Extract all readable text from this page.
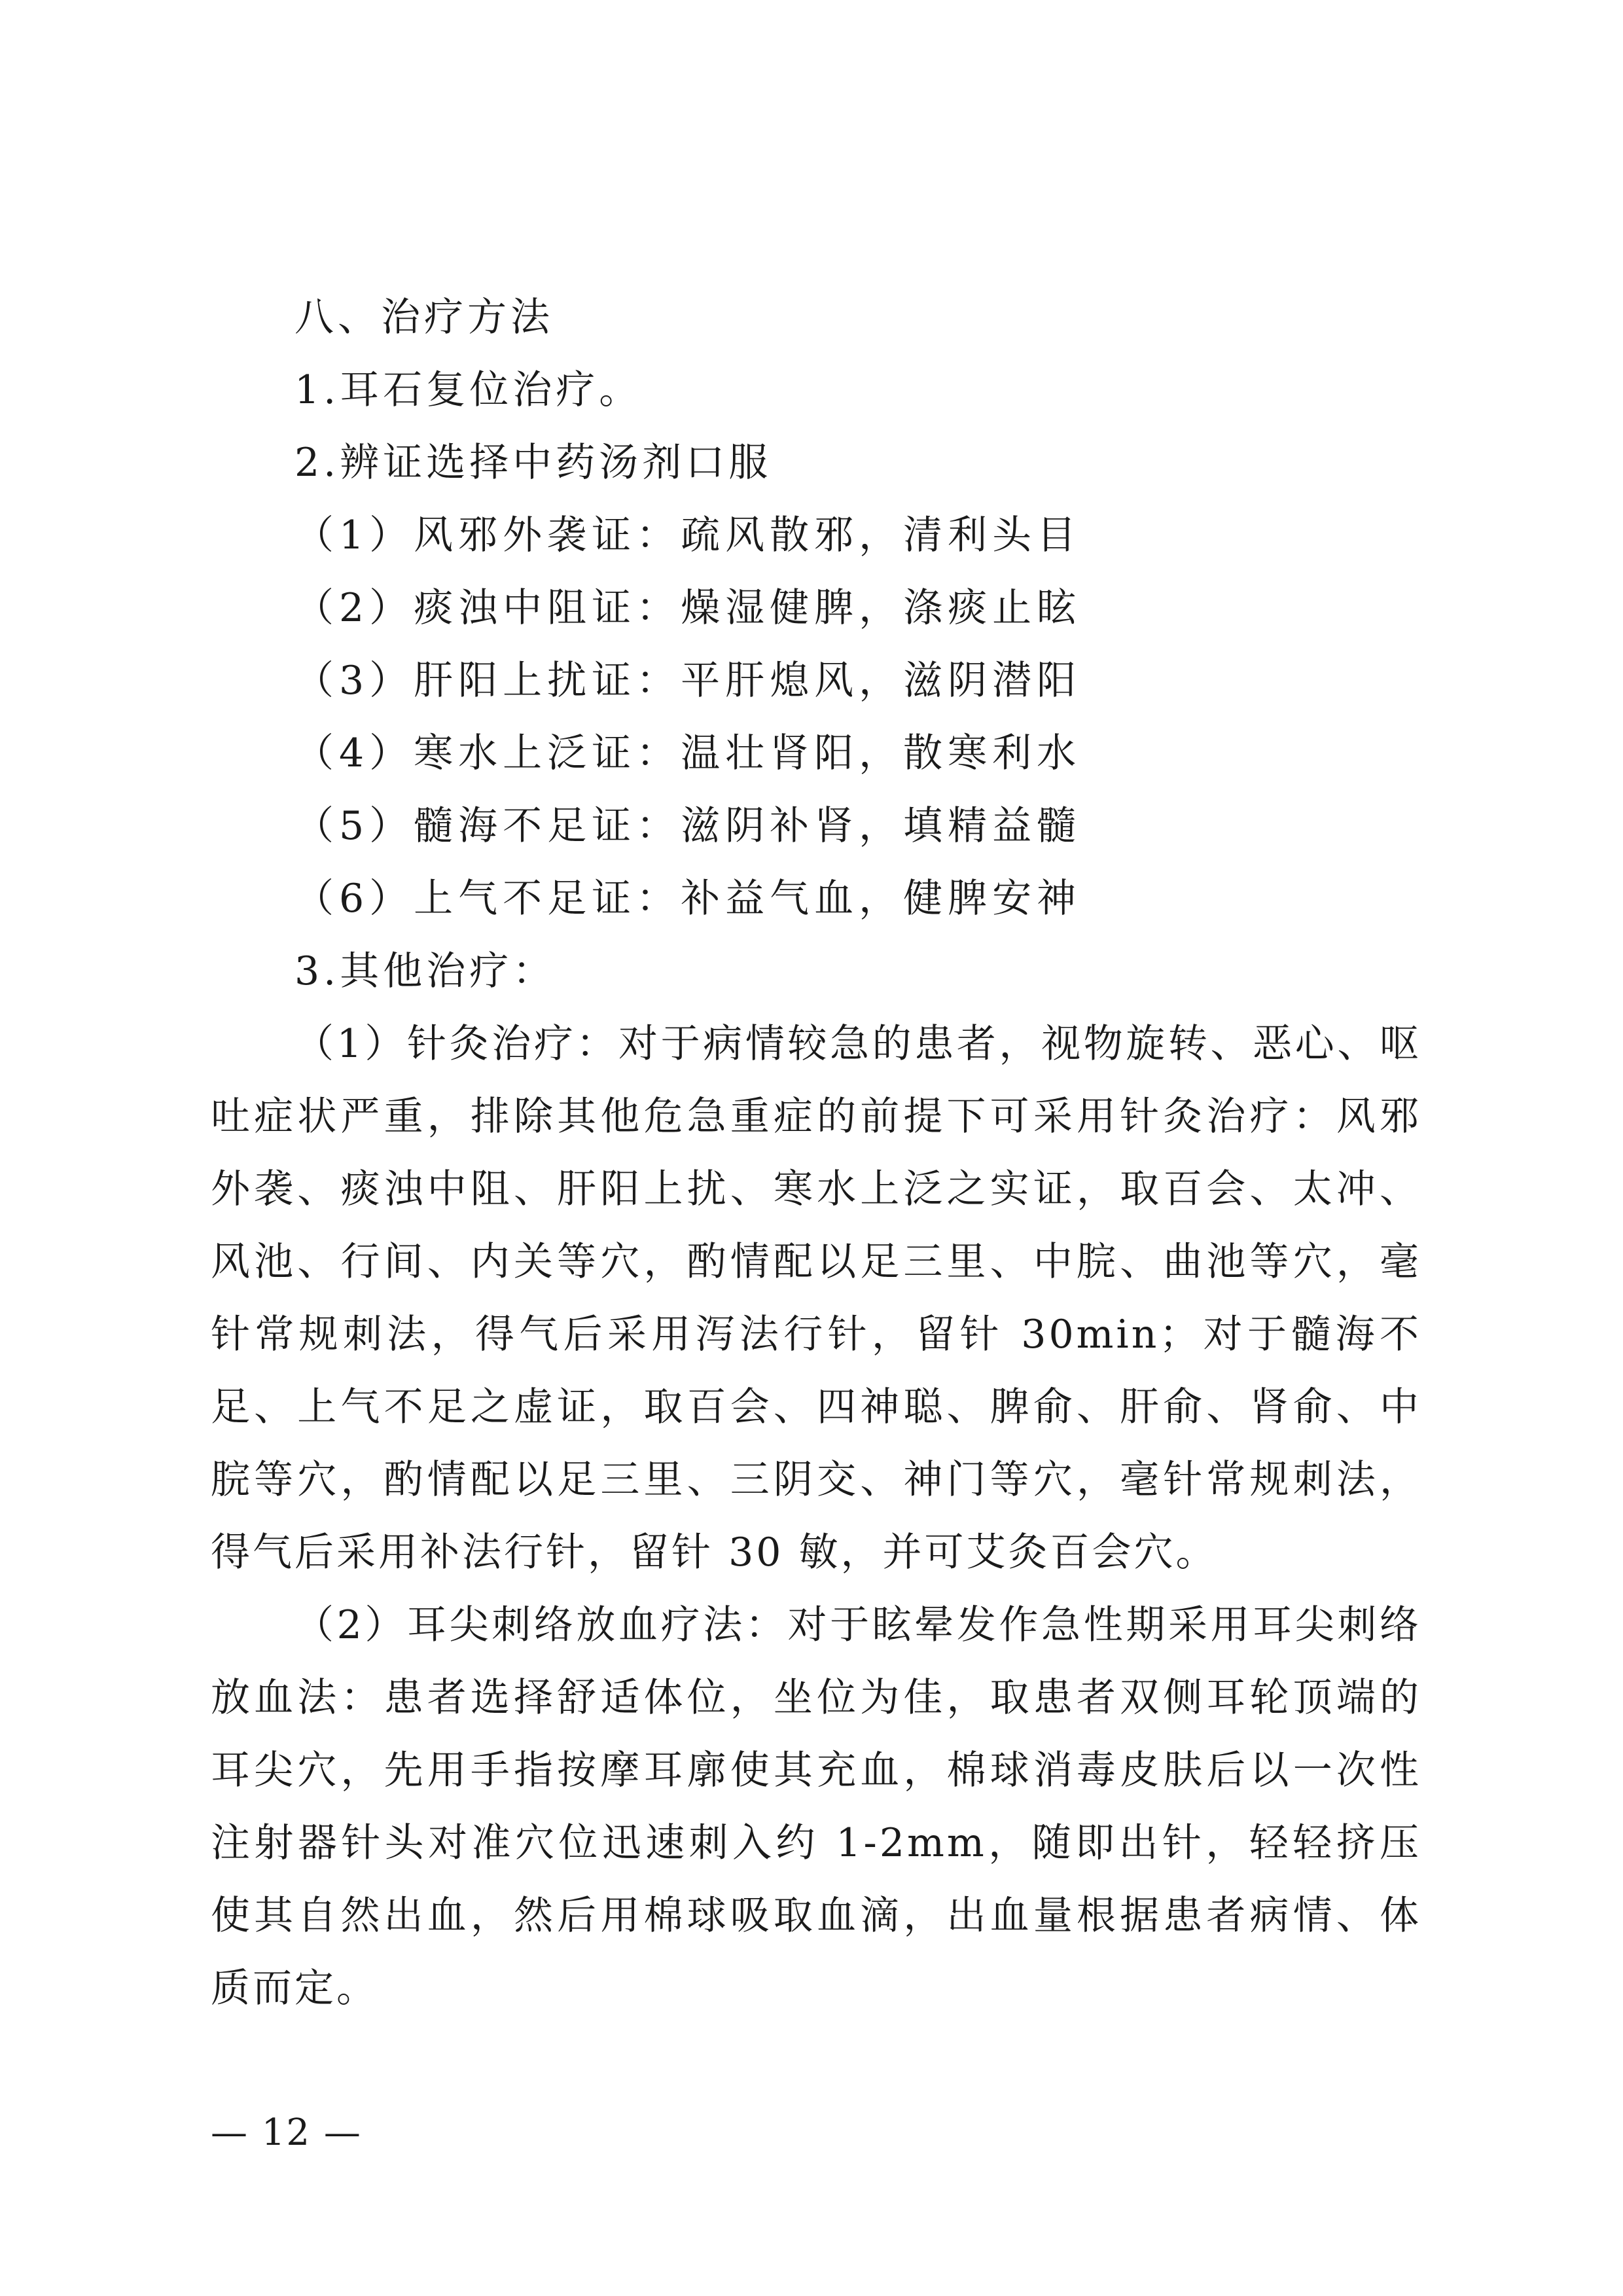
八、治疗方法
1.耳石复位治疗。
2.辨证选择中药汤剂口服
（1）风邪外袭证：疏风散邪，清利头目
（2）痰浊中阻证：燥湿健脾，涤痰止眩
（3）肝阳上扰证：平肝熄风，滋阴潜阳
（4）寒水上泛证：温壮肾阳，散寒利水
（5）髓海不足证：滋阴补肾，填精益髓
（6）上气不足证：补益气血，健脾安神
3.其他治疗：

（1）针灸治疗：对于病情较急的患者，视物旋转、恶心、呕吐症状严重，排除其他危急重症的前提下可采用针灸治疗：风邪外袭、痰浊中阻、肝阳上扰、寒水上泛之实证，取百会、太冲、风池、行间、内关等穴，酌情配以足三里、中脘、曲池等穴，毫针常规刺法，得气后采用泻法行针，留针 30min；对于髓海不足、上气不足之虚证，取百会、四神聪、脾俞、肝俞、肾俞、中脘等穴，酌情配以足三里、三阴交、神门等穴，毫针常规刺法，得气后采用补法行针，留针 30 敏，并可艾灸百会穴。

（2）耳尖刺络放血疗法：对于眩晕发作急性期采用耳尖刺络放血法：患者选择舒适体位，坐位为佳，取患者双侧耳轮顶端的耳尖穴，先用手指按摩耳廓使其充血，棉球消毒皮肤后以一次性注射器针头对准穴位迅速刺入约 1-2mm，随即出针，轻轻挤压使其自然出血，然后用棉球吸取血滴，出血量根据患者病情、体质而定。

— 12 —
